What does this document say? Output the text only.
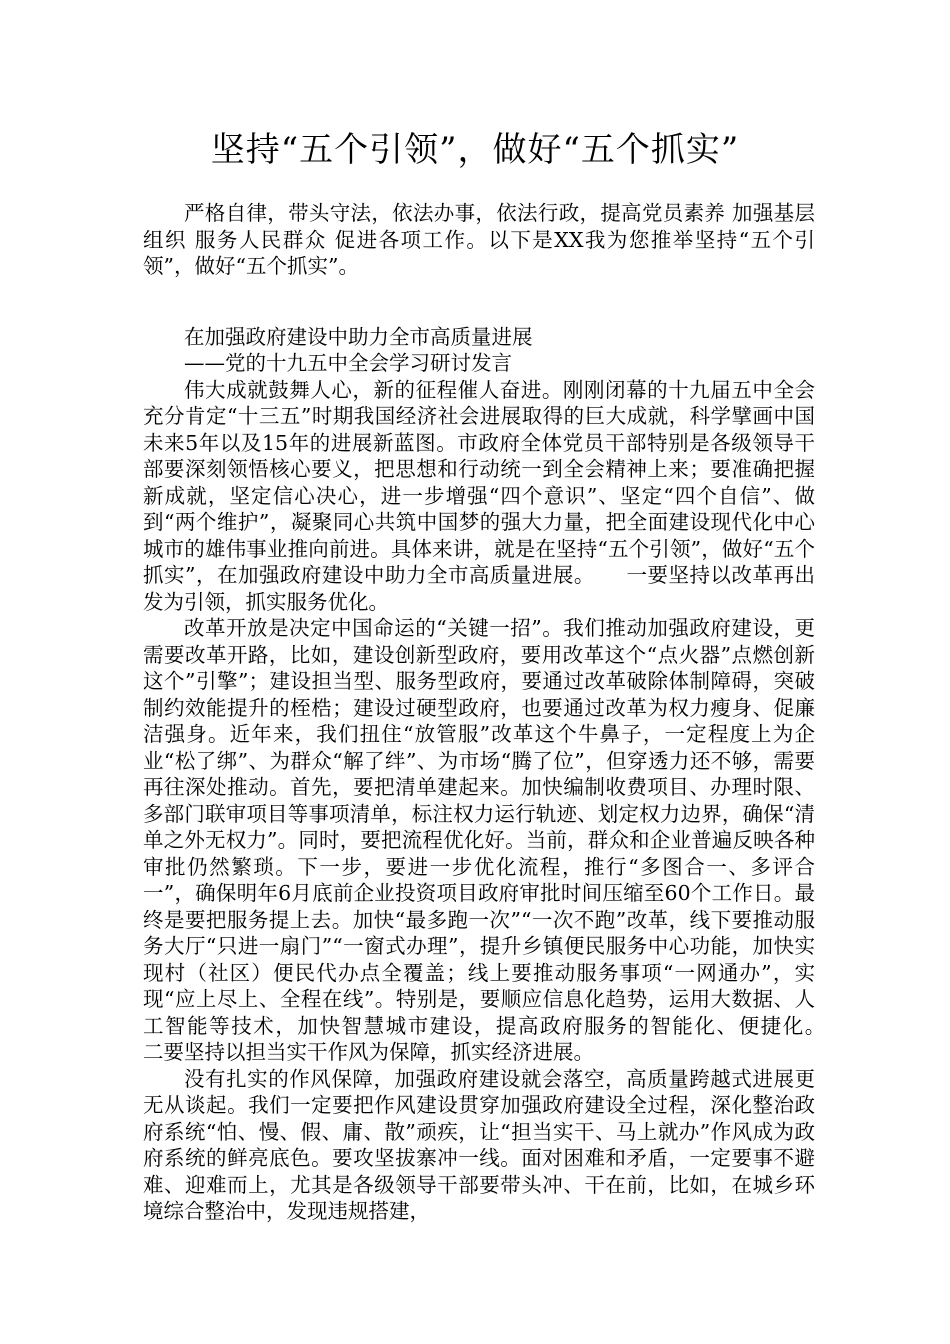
坚持“五个引领”，做好“五个抓实”

严格自律，带头守法，依法办事，依法行政，提高党员素养 加强基层组织 服务人民群众 促进各项工作。以下是XX我为您推举坚持“五个引领”，做好“五个抓实”。

在加强政府建设中助力全市高质量进展

——党的十九五中全会学习研讨发言

伟大成就鼓舞人心，新的征程催人奋进。刚刚闭幕的十九届五中全会充分肯定“十三五”时期我国经济社会进展取得的巨大成就，科学擘画中国未来5年以及15年的进展新蓝图。市政府全体党员干部特别是各级领导干部要深刻领悟核心要义，把思想和行动统一到全会精神上来；要准确把握新成就，坚定信心决心，进一步增强“四个意识”、坚定“四个自信”、做到“两个维护”，凝聚同心共筑中国梦的强大力量，把全面建设现代化中心城市的雄伟事业推向前进。具体来讲，就是在坚持“五个引领”，做好“五个抓实”，在加强政府建设中助力全市高质量进展。　　一要坚持以改革再出发为引领，抓实服务优化。

改革开放是决定中国命运的“关键一招”。我们推动加强政府建设，更需要改革开路，比如，建设创新型政府，要用改革这个“点火器”点燃创新这个”引擎”；建设担当型、服务型政府，要通过改革破除体制障碍，突破制约效能提升的桎梏；建设过硬型政府，也要通过改革为权力瘦身、促廉洁强身。近年来，我们扭住“放管服”改革这个牛鼻子，一定程度上为企业“松了绑”、为群众“解了绊”、为市场“腾了位”，但穿透力还不够，需要再往深处推动。首先，要把清单建起来。加快编制收费项目、办理时限、多部门联审项目等事项清单，标注权力运行轨迹、划定权力边界，确保“清单之外无权力”。同时，要把流程优化好。当前，群众和企业普遍反映各种审批仍然繁琐。下一步，要进一步优化流程，推行“多图合一、多评合一”，确保明年6月底前企业投资项目政府审批时间压缩至60个工作日。最终是要把服务提上去。加快“最多跑一次”“一次不跑”改革，线下要推动服务大厅“只进一扇门”“一窗式办理”，提升乡镇便民服务中心功能，加快实现村（社区）便民代办点全覆盖；线上要推动服务事项“一网通办”，实现“应上尽上、全程在线”。特别是，要顺应信息化趋势，运用大数据、人工智能等技术，加快智慧城市建设，提高政府服务的智能化、便捷化。　　二要坚持以担当实干作风为保障，抓实经济进展。

没有扎实的作风保障，加强政府建设就会落空，高质量跨越式进展更无从谈起。我们一定要把作风建设贯穿加强政府建设全过程，深化整治政府系统“怕、慢、假、庸、散”顽疾，让“担当实干、马上就办”作风成为政府系统的鲜亮底色。要攻坚拔寨冲一线。面对困难和矛盾，一定要事不避难、迎难而上，尤其是各级领导干部要带头冲、干在前，比如，在城乡环境综合整治中，发现违规搭建，
